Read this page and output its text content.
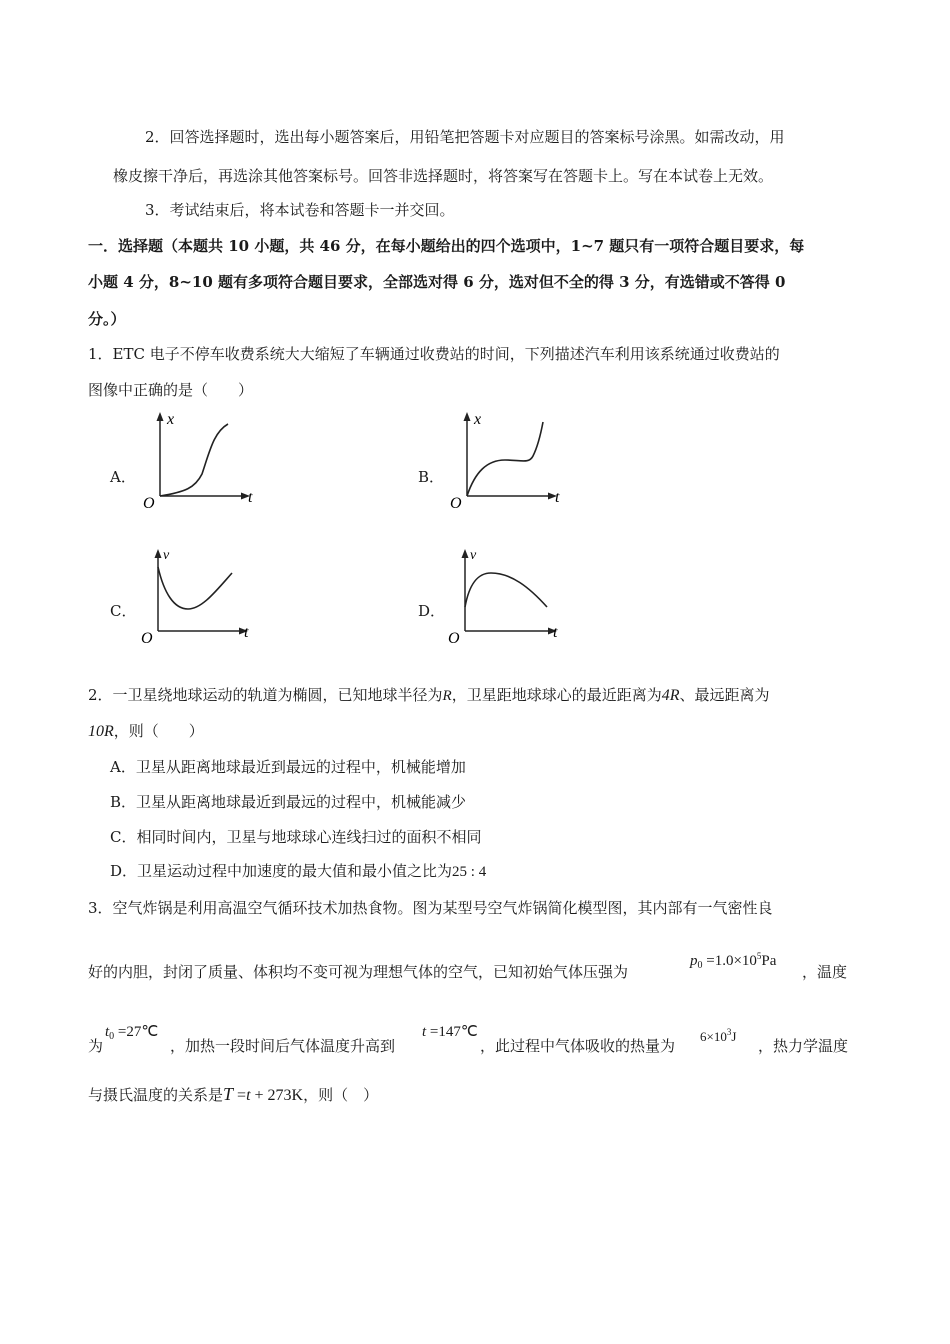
2．回答选择题时，选出每小题答案后，用铅笔把答题卡对应题目的答案标号涂黑。如需改动，用
橡皮擦干净后，再选涂其他答案标号。回答非选择题时，将答案写在答题卡上。写在本试卷上无效。
3．考试结束后，将本试卷和答题卡一并交回。
一．选择题（本题共 10 小题，共 46 分，在每小题给出的四个选项中，1~7 题只有一项符合题目要求，每
小题 4 分，8~10 题有多项符合题目要求，全部选对得 6 分，选对但不全的得 3 分，有选错或不答得 0
分。）
1．ETC 电子不停车收费系统大大缩短了车辆通过收费站的时间，下列描述汽车利用该系统通过收费站的
图像中正确的是（　　）
A．
x
t
O
B．
x
t
O
C．
v
t
O
D．
v
t
O
2．一卫星绕地球运动的轨道为椭圆，已知地球半径为R，卫星距地球球心的最近距离为4R、最远距离为
10R，则（　　）
A．卫星从距离地球最近到最远的过程中，机械能增加
B．卫星从距离地球最近到最远的过程中，机械能减少
C．相同时间内，卫星与地球球心连线扫过的面积不相同
D．卫星运动过程中加速度的最大值和最小值之比为25 : 4
3．空气炸锅是利用高温空气循环技术加热食物。图为某型号空气炸锅简化模型图，其内部有一气密性良
好的内胆，封闭了质量、体积均不变可视为理想气体的空气，已知初始气体压强为
$p_0 =1.0\times 10^5Pa$
，温度
为
$t_0$ =27℃
，加热一段时间后气体温度升高到
t =147℃
，此过程中气体吸收的热量为
$6\times 10^3J$
，热力学温度
与摄氏温度的关系是T =t + 273K，则（　）
